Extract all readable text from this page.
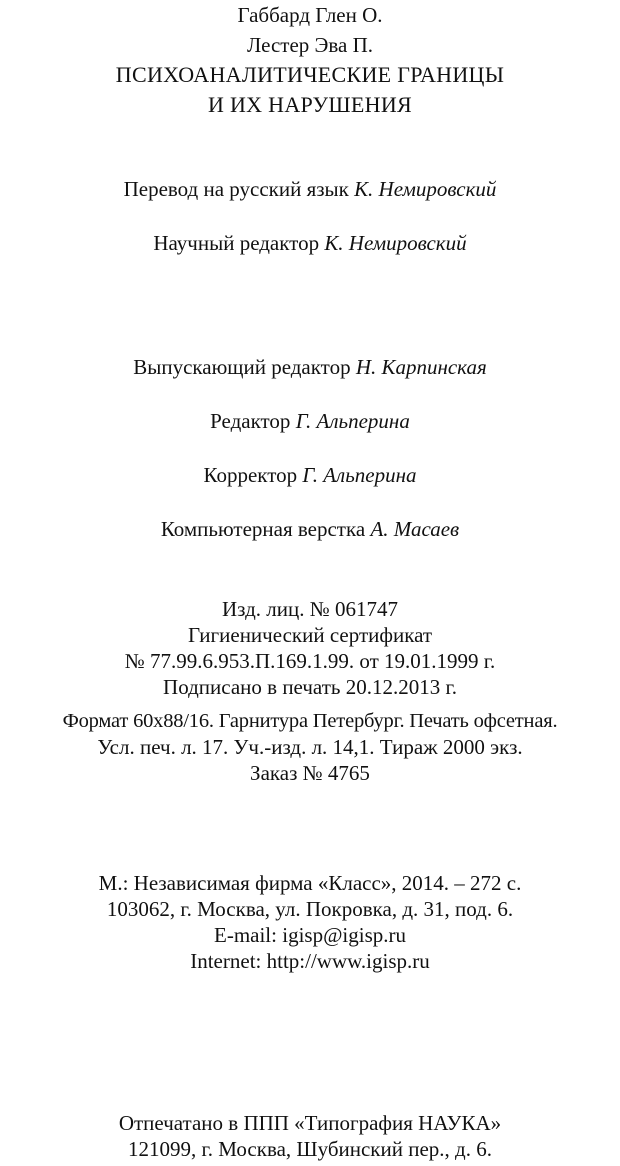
Габбард Глен О.
Лестер Эва П.
ПСИХОАНАЛИТИЧЕСКИЕ ГРАНИЦЫ
И ИХ НАРУШЕНИЯ
Перевод на русский язык К. Немировский
Научный редактор К. Немировский
Выпускающий редактор Н. Карпинская
Редактор Г. Альперина
Корректор Г. Альперина
Компьютерная верстка А. Масаев
Изд. лиц. № 061747
Гигиенический сертификат
№ 77.99.6.953.П.169.1.99. от 19.01.1999 г.
Подписано в печать 20.12.2013 г.
Формат 60x88/16. Гарнитура Петербург. Печать офсетная.
Усл. печ. л. 17. Уч.-изд. л. 14,1. Тираж 2000 экз.
Заказ № 4765
М.: Независимая фирма «Класс», 2014. – 272 с.
103062, г. Москва, ул. Покровка, д. 31, под. 6.
E-mail: igisp@igisp.ru
Internet: http://www.igisp.ru
Отпечатано в ППП «Типография НАУКА»
121099, г. Москва, Шубинский пер., д. 6.
